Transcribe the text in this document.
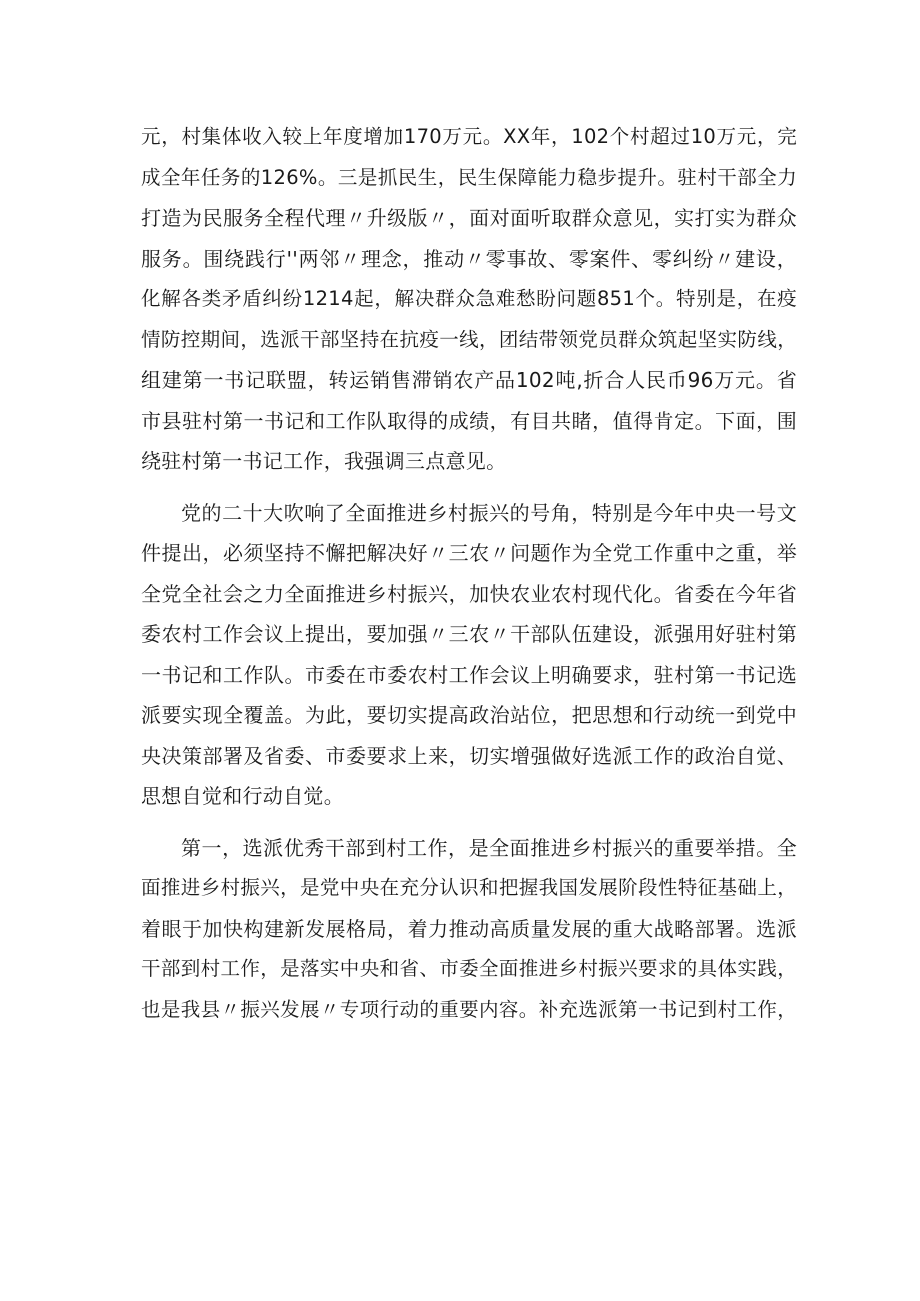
元，村集体收入较上年度增加170万元。XX年，102个村超过10万元，完
成全年任务的126%。三是抓民生，民生保障能力稳步提升。驻村干部全力
打造为民服务全程代理〃升级版〃，面对面听取群众意见，实打实为群众
服务。围绕践行''两邻〃理念，推动〃零事故、零案件、零纠纷〃建设，
化解各类矛盾纠纷1214起，解决群众急难愁盼问题851个。特别是，在疫
情防控期间，选派干部坚持在抗疫一线，团结带领党员群众筑起坚实防线，
组建第一书记联盟，转运销售滞销农产品102吨,折合人民币96万元。省
市县驻村第一书记和工作队取得的成绩，有目共睹，值得肯定。下面，围
绕驻村第一书记工作，我强调三点意见。
党的二十大吹响了全面推进乡村振兴的号角，特别是今年中央一号文
件提出，必须坚持不懈把解决好〃三农〃问题作为全党工作重中之重，举
全党全社会之力全面推进乡村振兴，加快农业农村现代化。省委在今年省
委农村工作会议上提出，要加强〃三农〃干部队伍建设，派强用好驻村第
一书记和工作队。市委在市委农村工作会议上明确要求，驻村第一书记选
派要实现全覆盖。为此，要切实提高政治站位，把思想和行动统一到党中
央决策部署及省委、市委要求上来，切实增强做好选派工作的政治自觉、
思想自觉和行动自觉。
第一，选派优秀干部到村工作，是全面推进乡村振兴的重要举措。全
面推进乡村振兴，是党中央在充分认识和把握我国发展阶段性特征基础上，
着眼于加快构建新发展格局，着力推动高质量发展的重大战略部署。选派
干部到村工作，是落实中央和省、市委全面推进乡村振兴要求的具体实践，
也是我县〃振兴发展〃专项行动的重要内容。补充选派第一书记到村工作，
